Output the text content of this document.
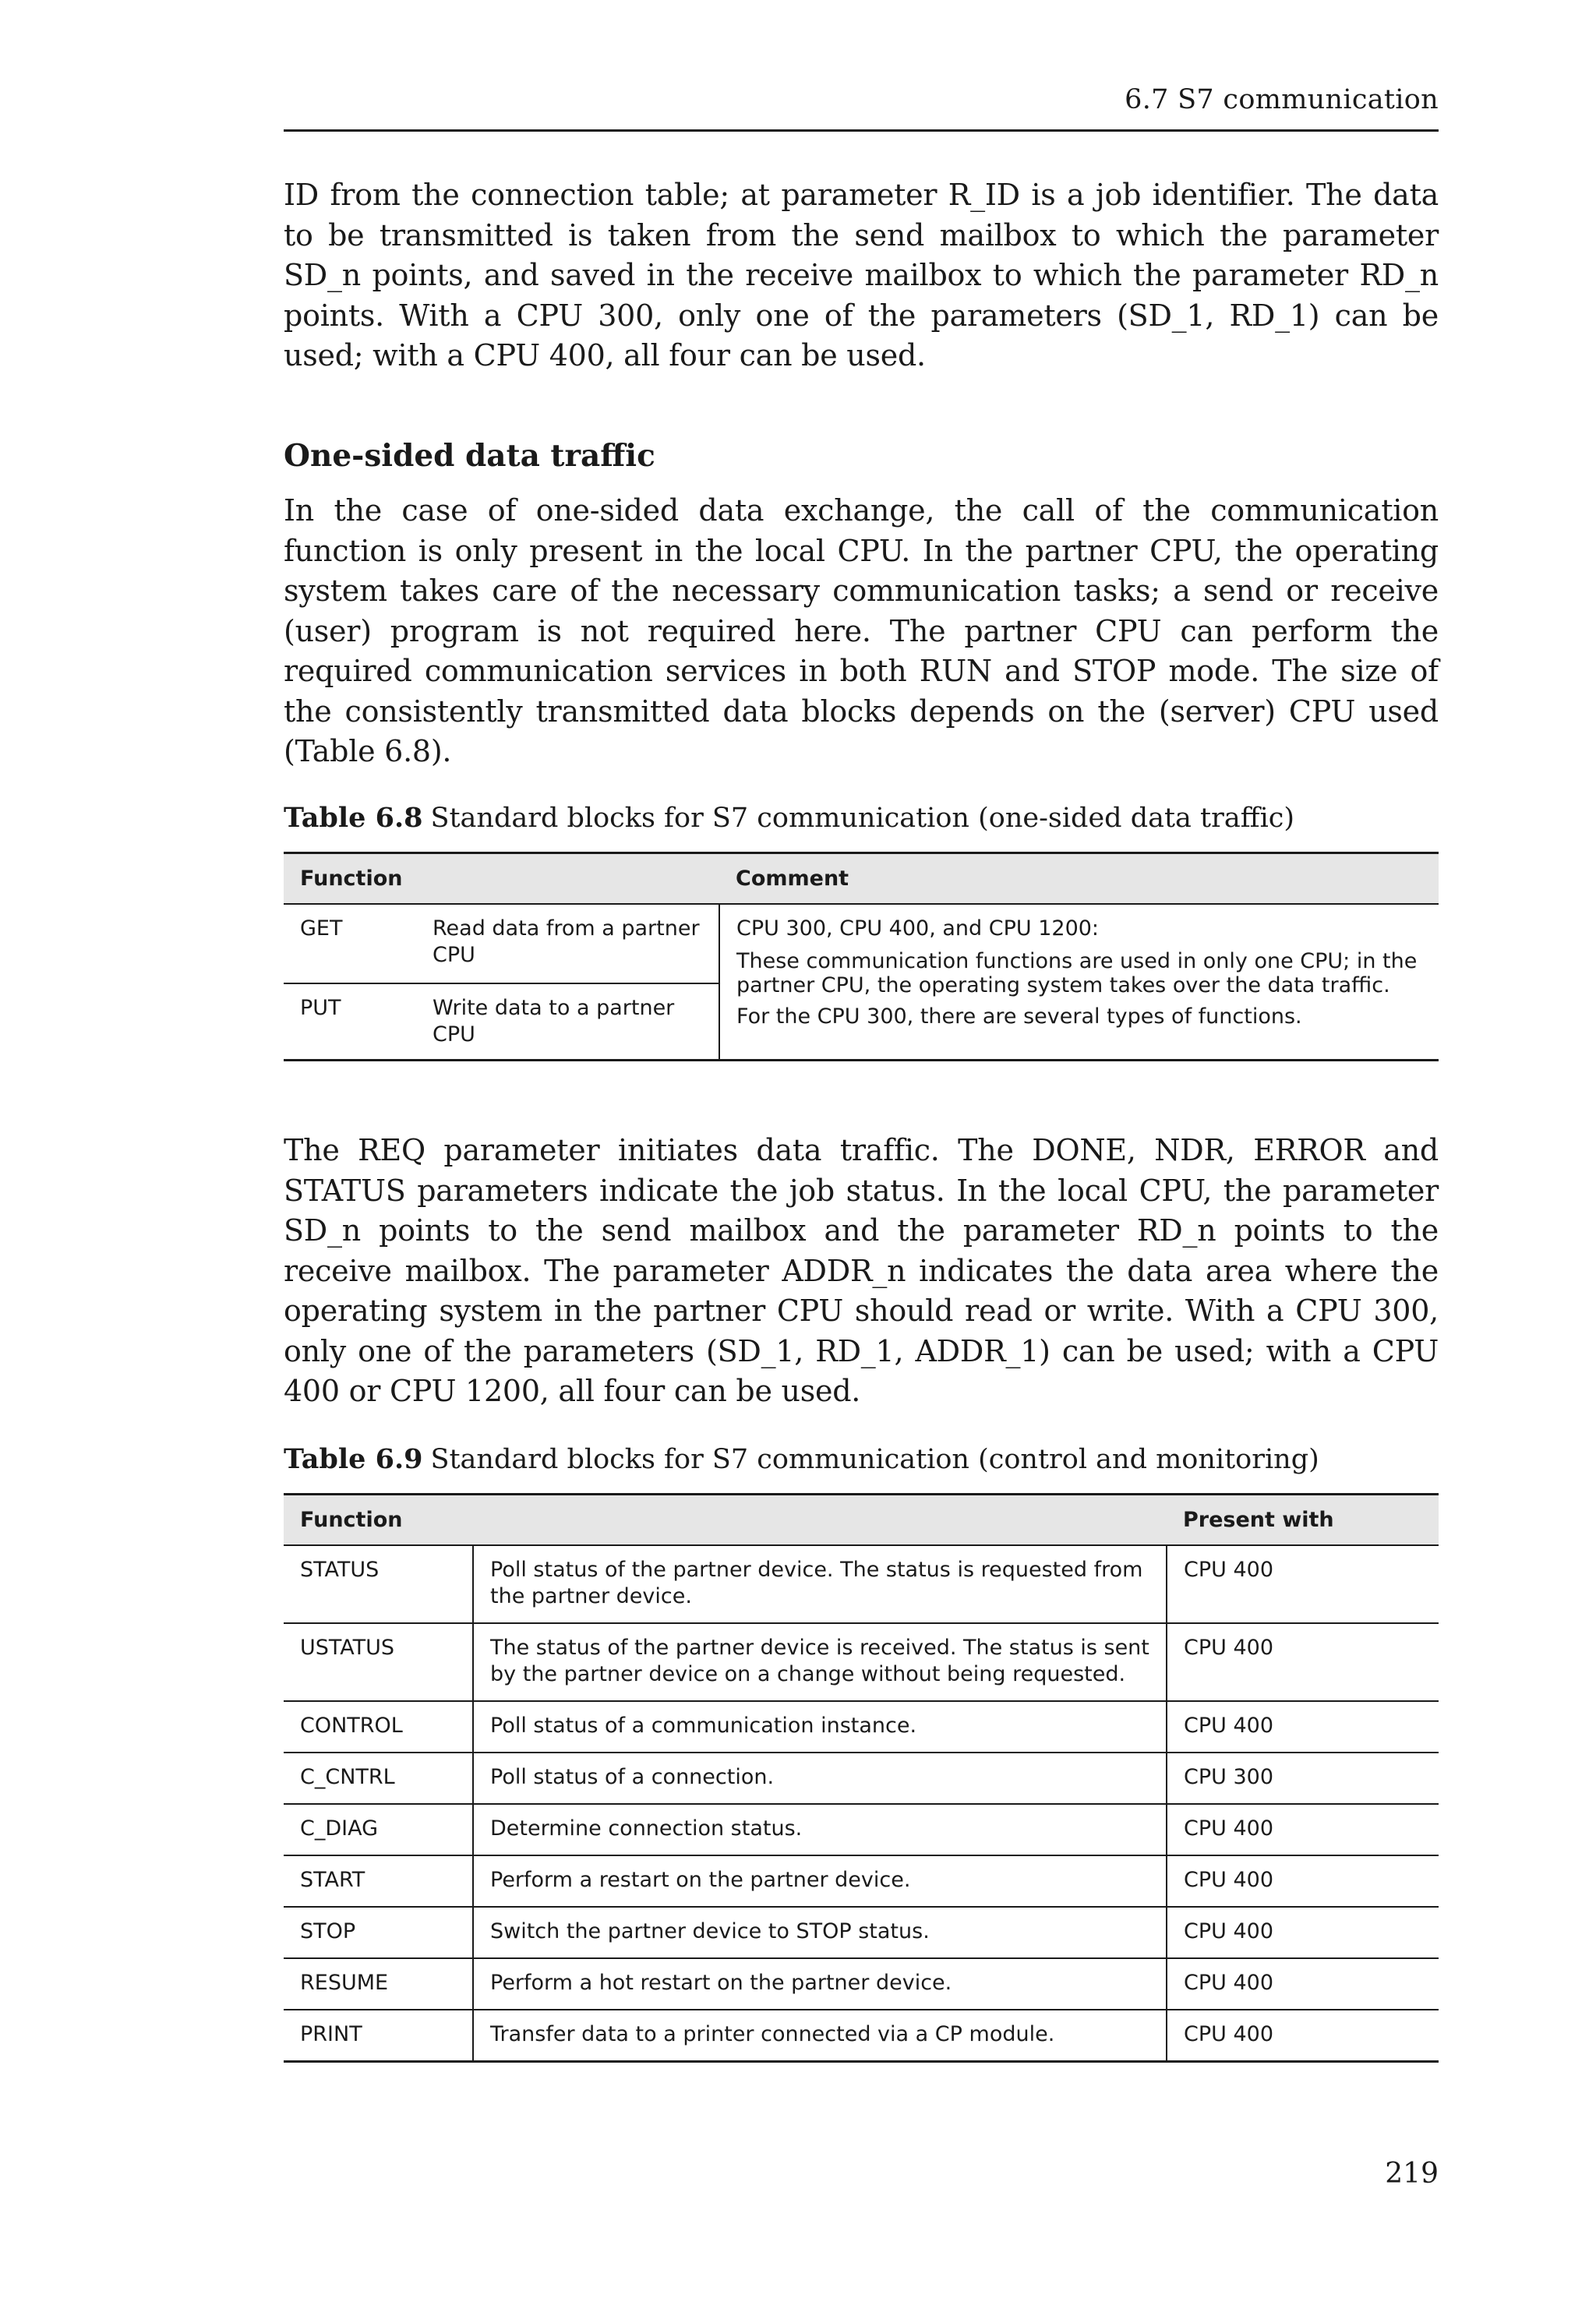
6.7 S7 communication

ID from the connection table; at parameter R_ID is a job identifier. The data to be transmitted is taken from the send mailbox to which the parameter SD_n points, and saved in the receive mailbox to which the parameter RD_n points. With a CPU 300, only one of the parameters (SD_1, RD_1) can be used; with a CPU 400, all four can be used.

One-sided data traffic

In the case of one-sided data exchange, the call of the communication function is only present in the local CPU. In the partner CPU, the operating system takes care of the necessary communication tasks; a send or receive (user) program is not required here. The partner CPU can perform the required communication services in both RUN and STOP mode. The size of the consistently transmitted data blocks depends on the (server) CPU used (Table 6.8).

Table 6.8 Standard blocks for S7 communication (one-sided data traffic)

Function		Comment
GET	Read data from a partner CPU	CPU 300, CPU 400, and CPU 1200:
These communication functions are used in only one CPU; in the partner CPU, the operating system takes over the data traffic.
For the CPU 300, there are several types of functions.

PUT	Write data to a partner CPU	

The REQ parameter initiates data traffic. The DONE, NDR, ERROR and STATUS parameters indicate the job status. In the local CPU, the parameter SD_n points to the send mailbox and the parameter RD_n points to the receive mailbox. The parameter ADDR_n indicates the data area where the operating system in the partner CPU should read or write. With a CPU 300, only one of the parameters (SD_1, RD_1, ADDR_1) can be used; with a CPU 400 or CPU 1200, all four can be used.

Table 6.9 Standard blocks for S7 communication (control and monitoring)

Function		Present with
STATUS	Poll status of the partner device. The status is requested from the partner device.	CPU 400
USTATUS	The status of the partner device is received. The status is sent by the partner device on a change without being requested.	CPU 400
CONTROL	Poll status of a communication instance.	CPU 400
C_CNTRL	Poll status of a connection.	CPU 300
C_DIAG	Determine connection status.	CPU 400
START	Perform a restart on the partner device.	CPU 400
STOP	Switch the partner device to STOP status.	CPU 400
RESUME	Perform a hot restart on the partner device.	CPU 400
PRINT	Transfer data to a printer connected via a CP module.	CPU 400
219
